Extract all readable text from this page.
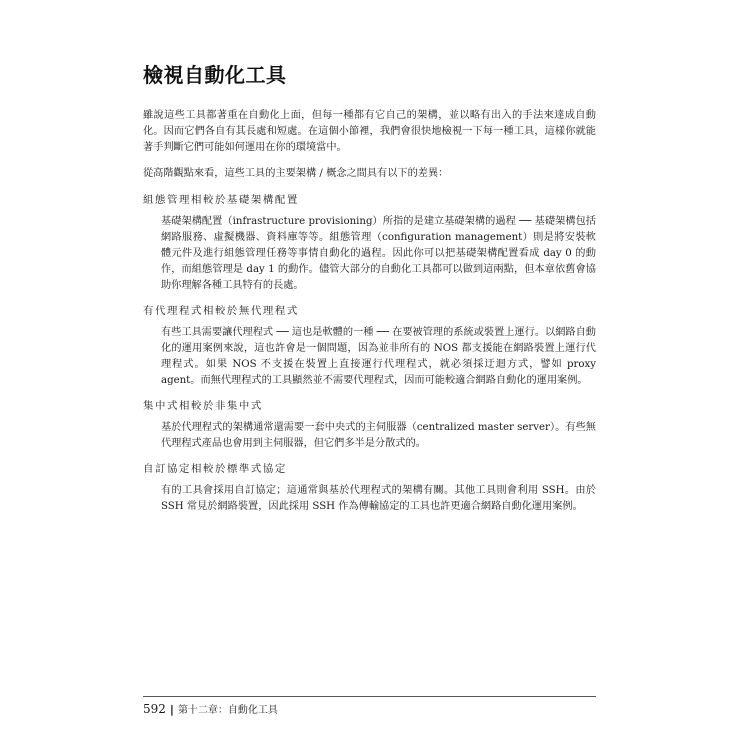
檢視自動化工具

雖說這些工具都著重在自動化上面，但每一種都有它自己的架構，並以略有出入的手法來達成自動化。因而它們各自有其長處和短處。在這個小節裡，我們會很快地檢視一下每一種工具，這樣你就能著手判斷它們可能如何運用在你的環境當中。

從高階觀點來看，這些工具的主要架構 / 概念之間具有以下的差異：

組態管理相較於基礎架構配置
基礎架構配置（infrastructure provisioning）所指的是建立基礎架構的過程 ── 基礎架構包括網路服務、虛擬機器、資料庫等等。組態管理（configuration management）則是將安裝軟體元件及進行組態管理任務等事情自動化的過程。因此你可以把基礎架構配置看成 day 0 的動作，而組態管理是 day 1 的動作。儘管大部分的自動化工具都可以做到這兩點，但本章依舊會協助你理解各種工具特有的長處。
有代理程式相較於無代理程式
有些工具需要讓代理程式 ── 這也是軟體的一種 ── 在要被管理的系統或裝置上運行。以網路自動化的運用案例來說，這也許會是一個問題，因為並非所有的 NOS 都支援能在網路裝置上運行代理程式。如果 NOS 不支援在裝置上直接運行代理程式，就必須採迂迴方式，譬如 proxy agent。而無代理程式的工具顯然並不需要代理程式，因而可能較適合網路自動化的運用案例。
集中式相較於非集中式
基於代理程式的架構通常還需要一套中央式的主伺服器（centralized master server）。有些無代理程式產品也會用到主伺服器，但它們多半是分散式的。
自訂協定相較於標準式協定
有的工具會採用自訂協定；這通常與基於代理程式的架構有關。其他工具則會利用 SSH。由於 SSH 常見於網路裝置，因此採用 SSH 作為傳輸協定的工具也許更適合網路自動化運用案例。
592 | 第十二章：自動化工具
